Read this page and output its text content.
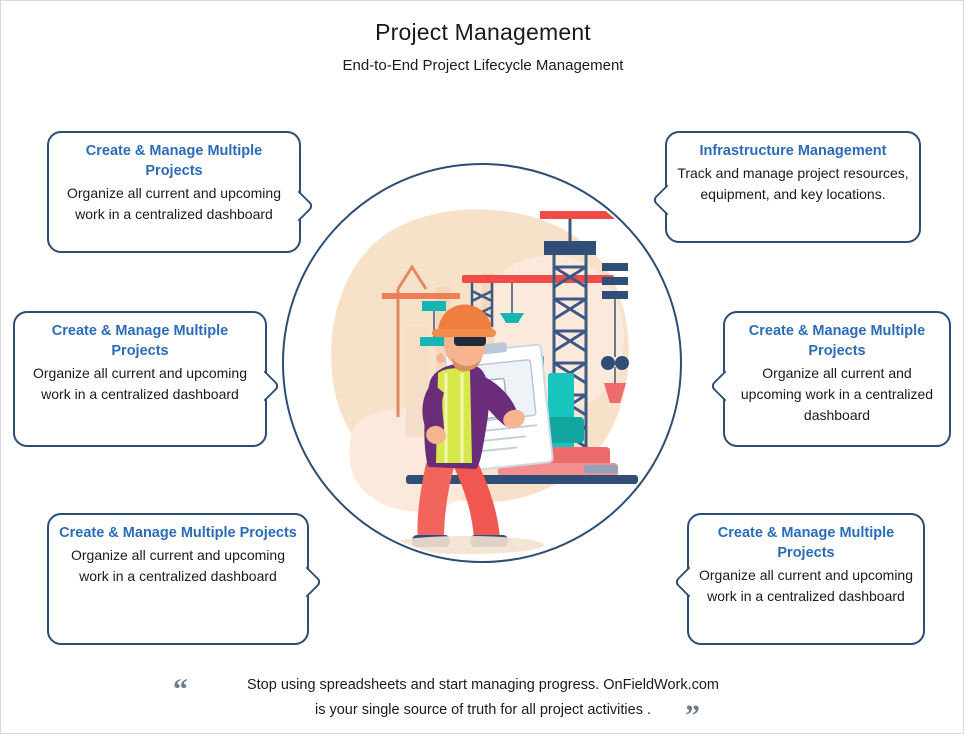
Project Management
End-to-End Project Lifecycle Management
Create & Manage Multiple Projects
Organize all current and upcoming work in a centralized dashboard
Create & Manage Multiple Projects
Organize all current and upcoming work in a centralized dashboard
Create & Manage Multiple Projects
Organize all current and upcoming work in a centralized dashboard
Infrastructure Management
Track and manage project resources, equipment, and key locations.
Create & Manage Multiple Projects
Organize all current and upcoming work in a centralized dashboard
Create & Manage Multiple Projects
Organize all current and upcoming work in a centralized dashboard
“	Stop using spreadsheets and start managing progress. OnFieldWork.com
is your single source of truth for all project activities .	”
